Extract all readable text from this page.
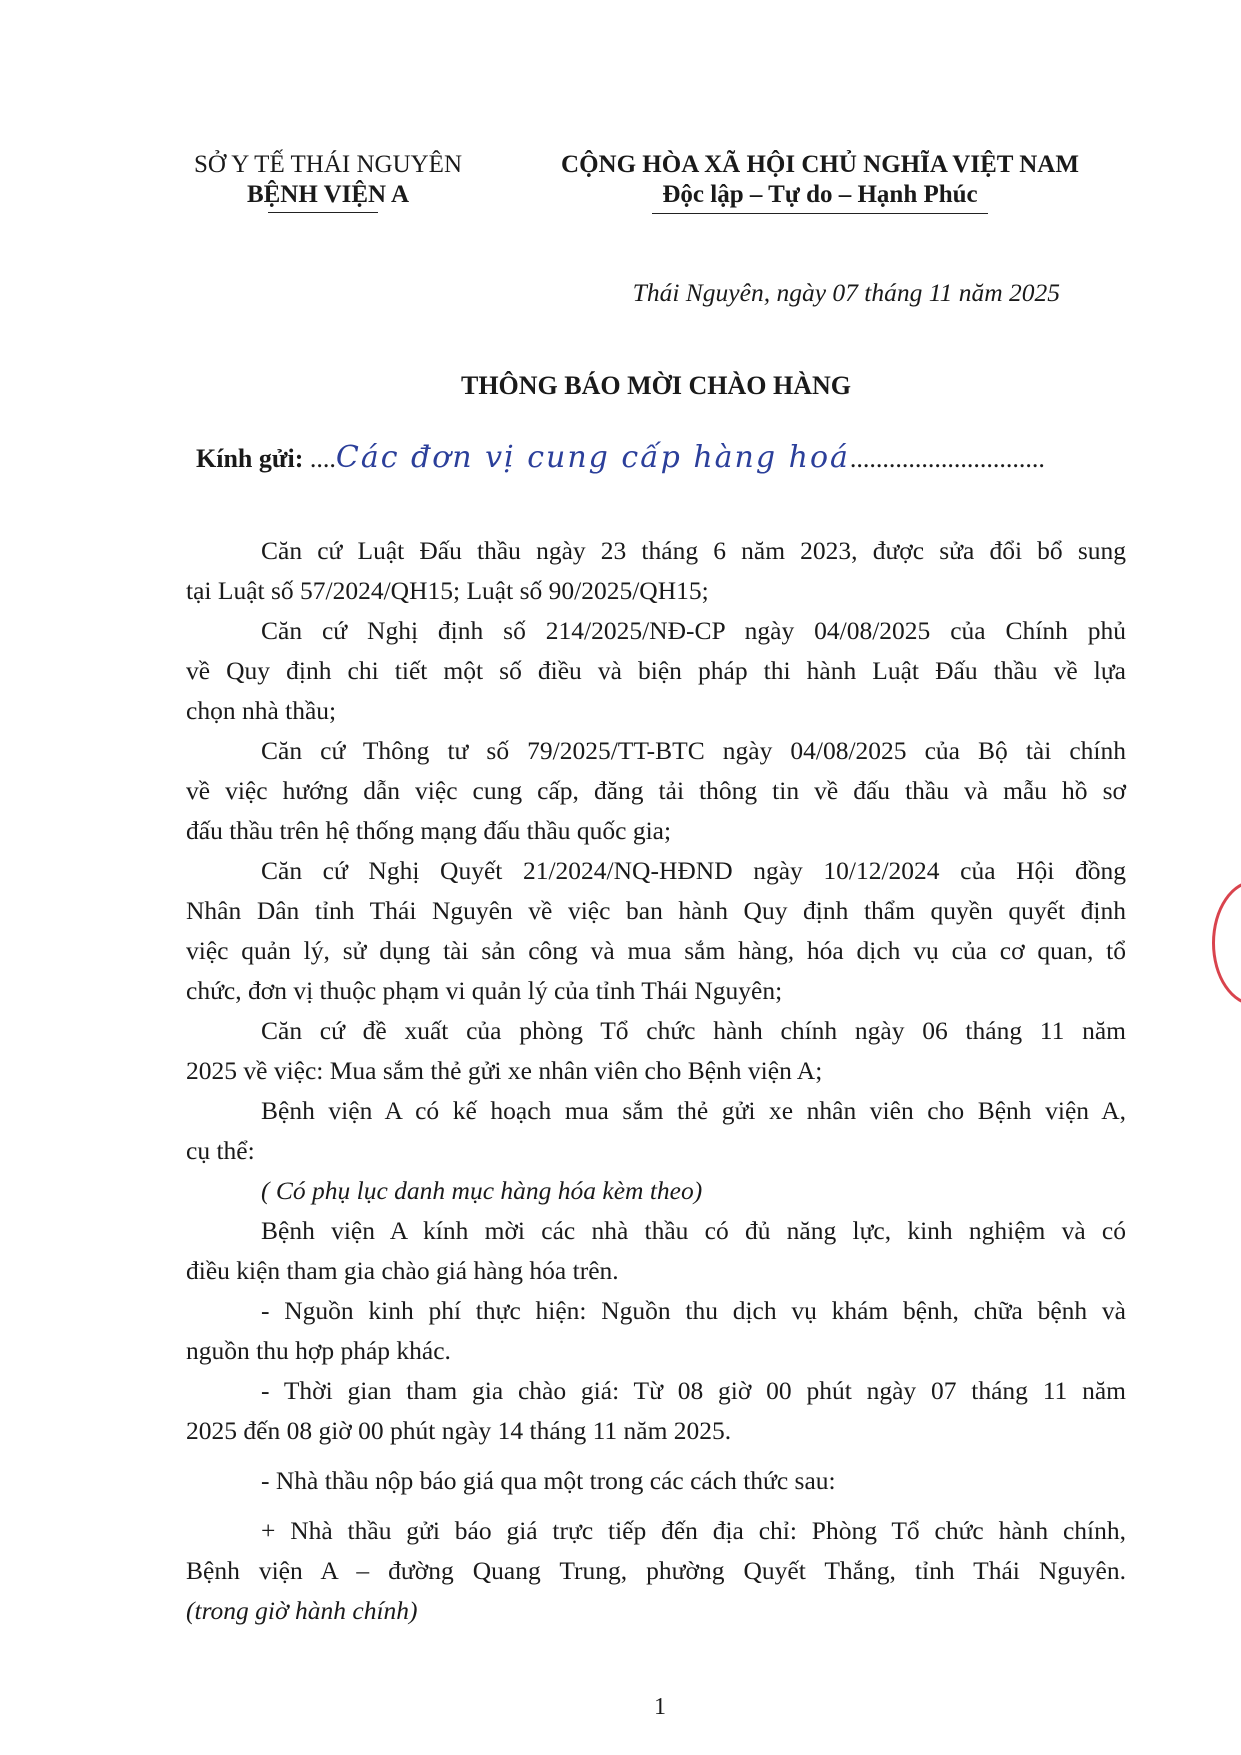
SỞ Y TẾ THÁI NGUYÊN
BỆNH VIỆN A
CỘNG HÒA XÃ HỘI CHỦ NGHĨA VIỆT NAM
Độc lập – Tự do – Hạnh Phúc
Thái Nguyên, ngày 07 tháng 11 năm 2025
THÔNG BÁO MỜI CHÀO HÀNG
Kính gửi: ....Các đơn vị cung cấp hàng hoá..............................
Căn cứ Luật Đấu thầu ngày 23 tháng 6 năm 2023, được sửa đổi bổ sung
tại Luật số 57/2024/QH15; Luật số 90/2025/QH15;
Căn cứ Nghị định số 214/2025/NĐ-CP ngày 04/08/2025 của Chính phủ
về Quy định chi tiết một số điều và biện pháp thi hành Luật Đấu thầu về lựa
chọn nhà thầu;
Căn cứ Thông tư số 79/2025/TT-BTC ngày 04/08/2025 của Bộ tài chính
về việc hướng dẫn việc cung cấp, đăng tải thông tin về đấu thầu và mẫu hồ sơ
đấu thầu trên hệ thống mạng đấu thầu quốc gia;
Căn cứ Nghị Quyết 21/2024/NQ-HĐND ngày 10/12/2024 của Hội đồng
Nhân Dân tỉnh Thái Nguyên về việc ban hành Quy định thẩm quyền quyết định
việc quản lý, sử dụng tài sản công và mua sắm hàng, hóa dịch vụ của cơ quan, tổ
chức, đơn vị thuộc phạm vi quản lý của tỉnh Thái Nguyên;
Căn cứ đề xuất của phòng Tổ chức hành chính ngày 06 tháng 11 năm
2025 về việc: Mua sắm thẻ gửi xe nhân viên cho Bệnh viện A;
Bệnh viện A có kế hoạch mua sắm thẻ gửi xe nhân viên cho Bệnh viện A,
cụ thể:
( Có phụ lục danh mục hàng hóa kèm theo)
Bệnh viện A kính mời các nhà thầu có đủ năng lực, kinh nghiệm và có
điều kiện tham gia chào giá hàng hóa trên.
- Nguồn kinh phí thực hiện: Nguồn thu dịch vụ khám bệnh, chữa bệnh và
nguồn thu hợp pháp khác.
- Thời gian tham gia chào giá: Từ 08 giờ 00 phút ngày 07 tháng 11 năm
2025 đến 08 giờ 00 phút ngày 14 tháng 11 năm 2025.
- Nhà thầu nộp báo giá qua một trong các cách thức sau:
+ Nhà thầu gửi báo giá trực tiếp đến địa chỉ: Phòng Tổ chức hành chính,
Bệnh viện A – đường Quang Trung, phường Quyết Thắng, tỉnh Thái Nguyên.
(trong giờ hành chính)
1
